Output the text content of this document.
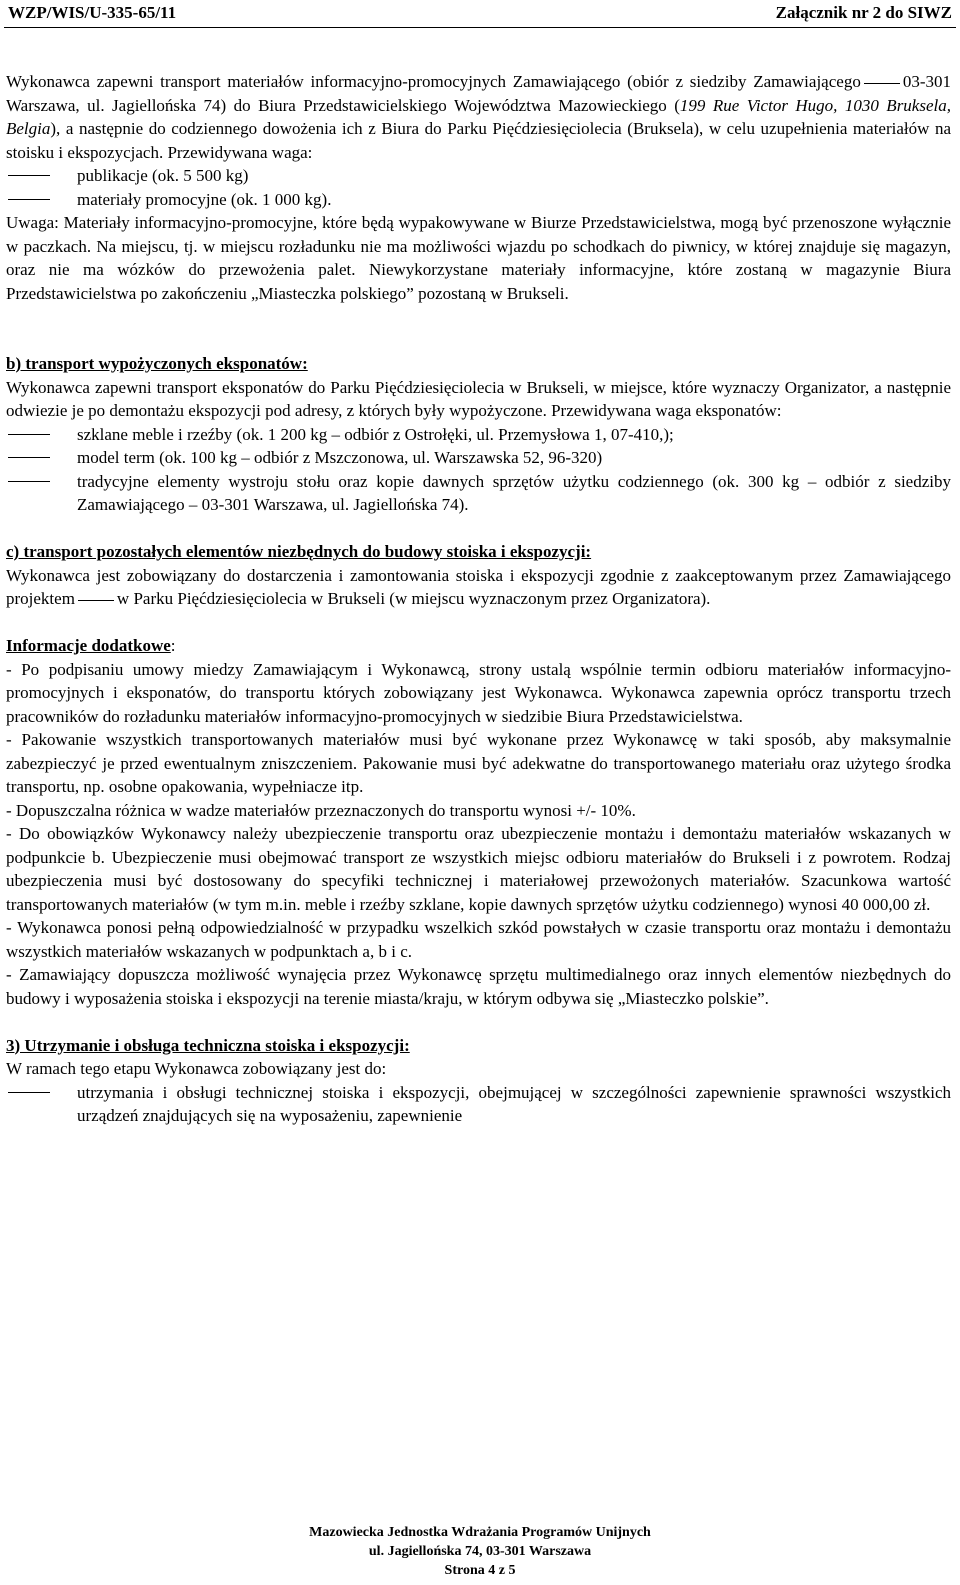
WZP/WIS/U-335-65/11	Załącznik nr 2 do SIWZ

Wykonawca zapewni transport materiałów informacyjno-promocyjnych Zamawiającego (obiór z siedziby Zamawiającego 03-301 Warszawa, ul. Jagiellońska 74) do Biura Przedstawicielskiego Województwa Mazowieckiego (199 Rue Victor Hugo, 1030 Bruksela, Belgia), a następnie do codziennego dowożenia ich z Biura do Parku Pięćdziesięciolecia (Bruksela), w celu uzupełnienia materiałów na stoisku i ekspozycjach. Przewidywana waga:

publikacje (ok. 5 500 kg)

materiały promocyjne (ok. 1 000 kg).

Uwaga: Materiały informacyjno-promocyjne, które będą wypakowywane w Biurze Przedstawicielstwa, mogą być przenoszone wyłącznie w paczkach. Na miejscu, tj. w miejscu rozładunku nie ma możliwości wjazdu po schodkach do piwnicy, w której znajduje się magazyn, oraz nie ma wózków do przewożenia palet. Niewykorzystane materiały informacyjne, które zostaną w magazynie Biura Przedstawicielstwa po zakończeniu „Miasteczka polskiego” pozostaną w Brukseli.

b) transport wypożyczonych eksponatów:

Wykonawca zapewni transport eksponatów do Parku Pięćdziesięciolecia w Brukseli, w miejsce, które wyznaczy Organizator, a następnie odwiezie je po demontażu ekspozycji pod adresy, z których były wypożyczone. Przewidywana waga eksponatów:

szklane meble i rzeźby (ok. 1 200 kg – odbiór z Ostrołęki, ul. Przemysłowa 1, 07-410,);

model term (ok. 100 kg – odbiór z Mszczonowa, ul. Warszawska 52, 96-320)

tradycyjne elementy wystroju stołu oraz kopie dawnych sprzętów użytku codziennego (ok. 300 kg – odbiór z siedziby Zamawiającego – 03-301 Warszawa, ul. Jagiellońska 74).

c) transport pozostałych elementów niezbędnych do budowy stoiska i ekspozycji:

Wykonawca jest zobowiązany do dostarczenia i zamontowania stoiska i ekspozycji zgodnie z zaakceptowanym przez Zamawiającego projektem w Parku Pięćdziesięciolecia w Brukseli (w miejscu wyznaczonym przez Organizatora).

Informacje dodatkowe:

- Po podpisaniu umowy miedzy Zamawiającym i Wykonawcą, strony ustalą wspólnie termin odbioru materiałów informacyjno-promocyjnych i eksponatów, do transportu których zobowiązany jest Wykonawca. Wykonawca zapewnia oprócz transportu trzech pracowników do rozładunku materiałów informacyjno-promocyjnych w siedzibie Biura Przedstawicielstwa.

- Pakowanie wszystkich transportowanych materiałów musi być wykonane przez Wykonawcę w taki sposób, aby maksymalnie zabezpieczyć je przed ewentualnym zniszczeniem. Pakowanie musi być adekwatne do transportowanego materiału oraz użytego środka transportu, np. osobne opakowania, wypełniacze itp.

- Dopuszczalna różnica w wadze materiałów przeznaczonych do transportu wynosi +/- 10%.

- Do obowiązków Wykonawcy należy ubezpieczenie transportu oraz ubezpieczenie montażu i demontażu materiałów wskazanych w podpunkcie b. Ubezpieczenie musi obejmować transport ze wszystkich miejsc odbioru materiałów do Brukseli i z powrotem. Rodzaj ubezpieczenia musi być dostosowany do specyfiki technicznej i materiałowej przewożonych materiałów. Szacunkowa wartość transportowanych materiałów (w tym m.in. meble i rzeźby szklane, kopie dawnych sprzętów użytku codziennego) wynosi 40 000,00 zł.

- Wykonawca ponosi pełną odpowiedzialność w przypadku wszelkich szkód powstałych w czasie transportu oraz montażu i demontażu wszystkich materiałów wskazanych w podpunktach a, b i c.

- Zamawiający dopuszcza możliwość wynajęcia przez Wykonawcę sprzętu multimedialnego oraz innych elementów niezbędnych do budowy i wyposażenia stoiska i ekspozycji na terenie miasta/kraju, w którym odbywa się „Miasteczko polskie”.

3) Utrzymanie i obsługa techniczna stoiska i ekspozycji:

W ramach tego etapu Wykonawca zobowiązany jest do:

utrzymania i obsługi technicznej stoiska i ekspozycji, obejmującej w szczególności zapewnienie sprawności wszystkich urządzeń znajdujących się na wyposażeniu, zapewnienie

Mazowiecka Jednostka Wdrażania Programów Unijnych
ul. Jagiellońska 74, 03-301 Warszawa
Strona 4 z 5
